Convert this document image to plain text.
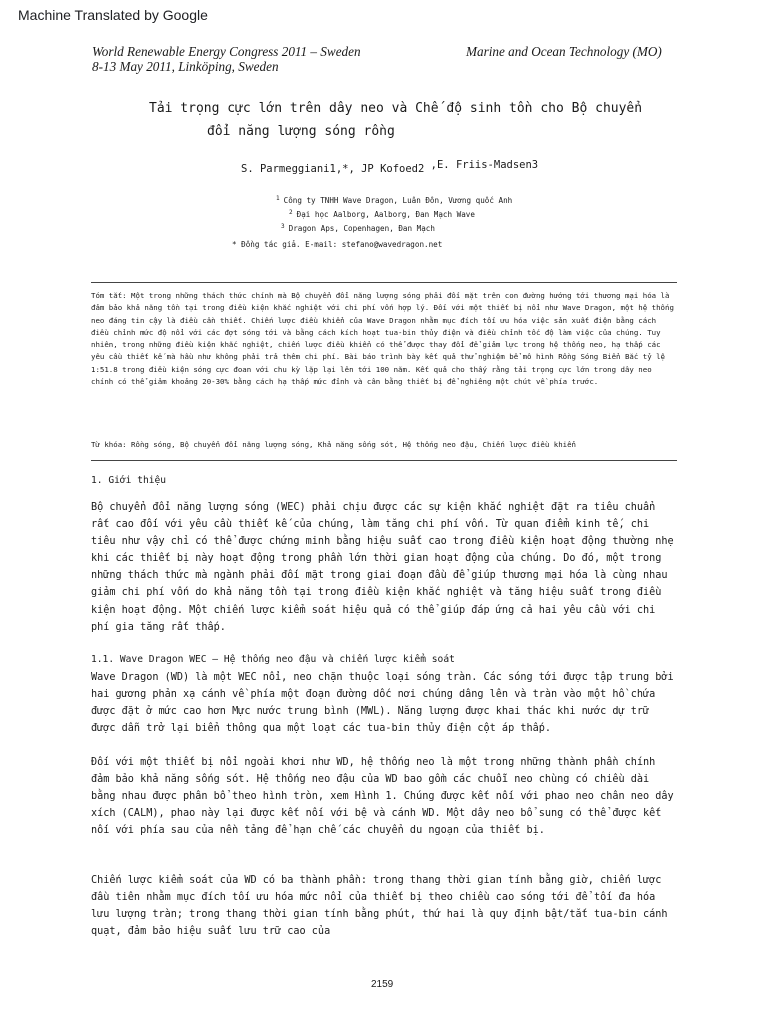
Machine Translated by Google
World Renewable Energy Congress 2011 – Sweden
8-13 May 2011, Linköping, Sweden
Marine and Ocean Technology (MO)
Tải trọng cực lớn trên dây neo và Chế độ sinh tồn cho Bộ chuyển
đổi năng lượng sóng rồng
S. Parmeggiani1,*, JP Kofoed2 ,E. Friis-Madsen3
$^1$ Công ty TNHH Wave Dragon, Luân Đôn, Vương quốc Anh
$^2$ Đại học Aalborg, Aalborg, Đan Mạch Wave
$^3$ Dragon Aps, Copenhagen, Đan Mạch
* Đồng tác giả. E-mail: stefano@wavedragon.net

Tóm tắt: Một trong những thách thức chính mà Bộ chuyển đổi năng lượng sóng phải đối mặt trên con đường hướng tới thương mại hóa là đảm bảo khả năng tồn tại trong điều kiện khắc nghiệt với chi phí vốn hợp lý. Đối với một thiết bị nổi như Wave Dragon, một hệ thống neo đáng tin cậy là điều cần thiết. Chiến lược điều khiển của Wave Dragon nhằm mục đích tối ưu hóa việc sản xuất điện bằng cách điều chỉnh mức độ nổi với các đợt sóng tới và bằng cách kích hoạt tua-bin thủy điện và điều chỉnh tốc độ làm việc của chúng. Tuy nhiên, trong những điều kiện khắc nghiệt, chiến lược điều khiển có thể được thay đổi để giảm lực trong hệ thống neo, hạ thấp các yêu cầu thiết kế mà hầu như không phải trả thêm chi phí. Bài báo trình bày kết quả thử nghiệm bể mô hình Rồng Sóng Biển Bắc tỷ lệ 1:51.8 trong điều kiện sóng cực đoan với chu kỳ lặp lại lên tới 100 năm. Kết quả cho thấy rằng tải trọng cực lớn trong dây neo chính có thể giảm khoảng 20-30% bằng cách hạ thấp mức đỉnh và cân bằng thiết bị để nghiêng một chút về phía trước.

Từ khóa: Rồng sóng, Bộ chuyển đổi năng lượng sóng, Khả năng sống sót, Hệ thống neo đậu, Chiến lược điều khiển
1. Giới thiệu

Bộ chuyển đổi năng lượng sóng (WEC) phải chịu được các sự kiện khắc nghiệt đặt ra tiêu chuẩn rất cao đối với yêu cầu thiết kế của chúng, làm tăng chi phí vốn. Từ quan điểm kinh tế, chi tiêu như vậy chỉ có thể được chứng minh bằng hiệu suất cao trong điều kiện hoạt động thường nhẹ khi các thiết bị này hoạt động trong phần lớn thời gian hoạt động của chúng. Do đó, một trong những thách thức mà ngành phải đối mặt trong giai đoạn đầu để giúp thương mại hóa là cùng nhau giảm chi phí vốn do khả năng tồn tại trong điều kiện khắc nghiệt và tăng hiệu suất trong điều kiện hoạt động. Một chiến lược kiểm soát hiệu quả có thể giúp đáp ứng cả hai yêu cầu với chi phí gia tăng rất thấp.

1.1. Wave Dragon WEC – Hệ thống neo đậu và chiến lược kiểm soát

Wave Dragon (WD) là một WEC nổi, neo chặn thuộc loại sóng tràn. Các sóng tới được tập trung bởi hai gương phản xạ cánh về phía một đoạn đường dốc nơi chúng dâng lên và tràn vào một hồ chứa được đặt ở mức cao hơn Mực nước trung bình (MWL). Năng lượng được khai thác khi nước dự trữ được dẫn trở lại biển thông qua một loạt các tua-bin thủy điện cột áp thấp.

Đối với một thiết bị nổi ngoài khơi như WD, hệ thống neo là một trong những thành phần chính đảm bảo khả năng sống sót. Hệ thống neo đậu của WD bao gồm các chuỗi neo chùng có chiều dài bằng nhau được phân bổ theo hình tròn, xem Hình 1. Chúng được kết nối với phao neo chân neo dây xích (CALM), phao này lại được kết nối với bệ và cánh WD. Một dây neo bổ sung có thể được kết nối với phía sau của nền tảng để hạn chế các chuyển du ngoạn của thiết bị.

Chiến lược kiểm soát của WD có ba thành phần: trong thang thời gian tính bằng giờ, chiến lược đầu tiên nhằm mục đích tối ưu hóa mức nổi của thiết bị theo chiều cao sóng tới để tối đa hóa lưu lượng tràn; trong thang thời gian tính bằng phút, thứ hai là quy định bật/tắt tua-bin cánh quạt, đảm bảo hiệu suất lưu trữ cao của

2159
